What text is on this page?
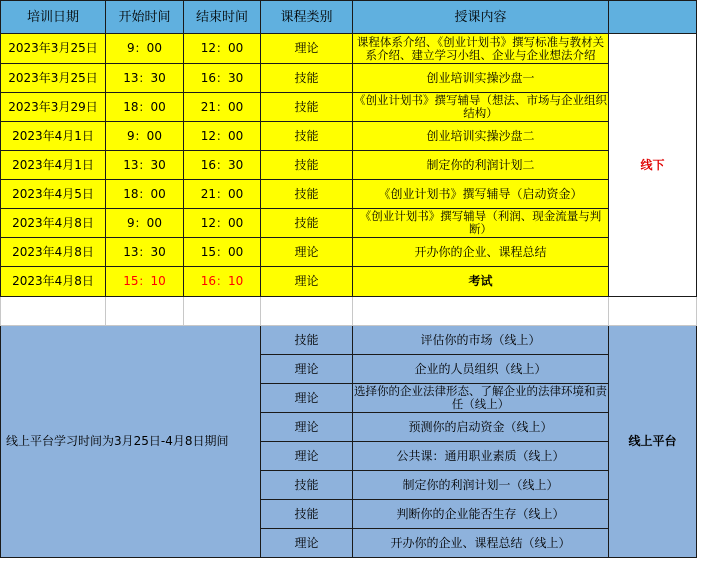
培训日期	开始时间	结束时间	课程类别	授课内容	
2023年3月25日	9：00	12：00	理论	课程体系介绍、《创业计划书》撰写标准与教材关系介绍、建立学习小组、企业与企业想法介绍	线下
2023年3月25日	13：30	16：30	技能	创业培训实操沙盘一	
2023年3月29日	18：00	21：00	技能	《创业计划书》撰写辅导（想法、市场与企业组织结构）	
2023年4月1日	9：00	12：00	技能	创业培训实操沙盘二	
2023年4月1日	13：30	16：30	技能	制定你的利润计划二	
2023年4月5日	18：00	21：00	技能	《创业计划书》撰写辅导（启动资金）	
2023年4月8日	9：00	12：00	技能	《创业计划书》撰写辅导（利润、现金流量与判断）	
2023年4月8日	13：30	15：00	理论	开办你的企业、课程总结	
2023年4月8日	15：10	16：10	理论	考试	

线上平台学习时间为3月25日-4月8日期间			技能	评估你的市场（线上）	线上平台
			理论	企业的人员组织（线上）	
			理论	选择你的企业法律形态、了解企业的法律环境和责任（线上）	
			理论	预测你的启动资金（线上）	
			理论	公共课：通用职业素质（线上）	
			技能	制定你的利润计划一（线上）	
			技能	判断你的企业能否生存（线上）	
			理论	开办你的企业、课程总结（线上）	
